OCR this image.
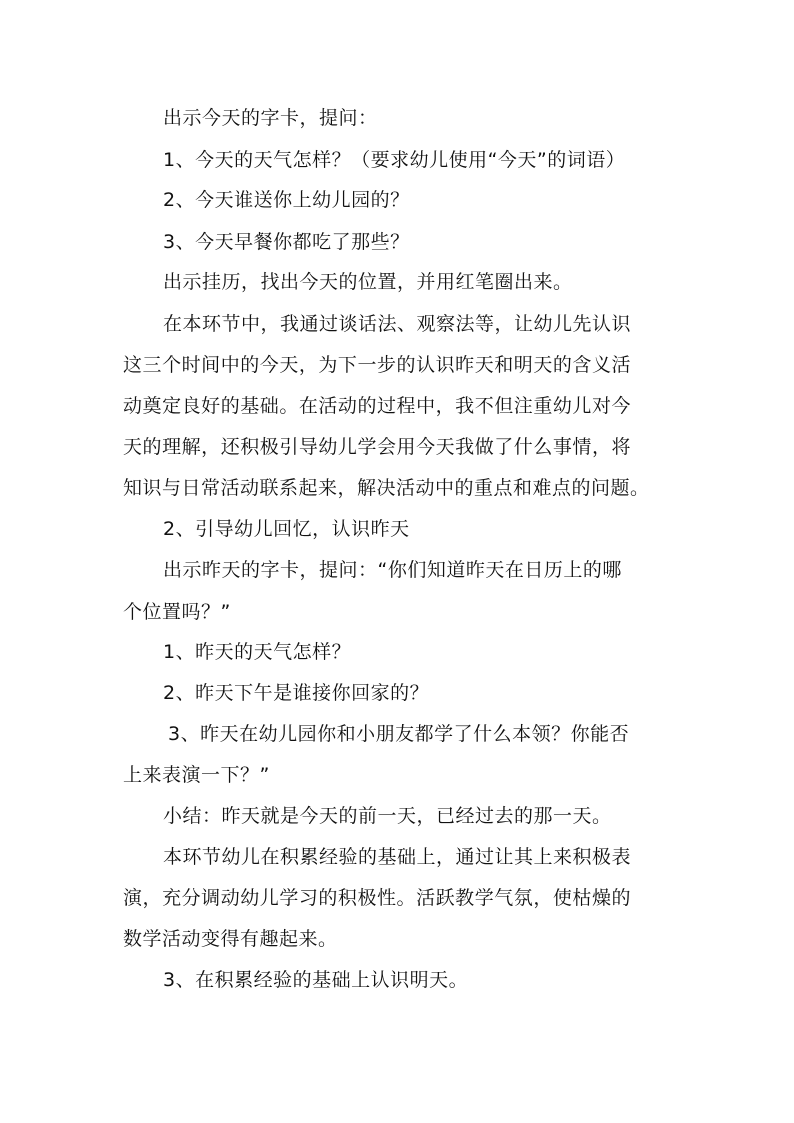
出示今天的字卡，提问：
1、今天的天气怎样？（要求幼儿使用“今天”的词语）
2、今天谁送你上幼儿园的？
3、今天早餐你都吃了那些？
出示挂历，找出今天的位置，并用红笔圈出来。
在本环节中，我通过谈话法、观察法等，让幼儿先认识
这三个时间中的今天，为下一步的认识昨天和明天的含义活
动奠定良好的基础。在活动的过程中，我不但注重幼儿对今
天的理解，还积极引导幼儿学会用今天我做了什么事情，将
知识与日常活动联系起来，解决活动中的重点和难点的问题。
2、引导幼儿回忆，认识昨天
出示昨天的字卡，提问：“你们知道昨天在日历上的哪
个位置吗？”
1、昨天的天气怎样？
2、昨天下午是谁接你回家的？
3、昨天在幼儿园你和小朋友都学了什么本领？你能否
上来表演一下？”
小结：昨天就是今天的前一天，已经过去的那一天。
本环节幼儿在积累经验的基础上，通过让其上来积极表
演，充分调动幼儿学习的积极性。活跃教学气氛，使枯燥的
数学活动变得有趣起来。
3、在积累经验的基础上认识明天。
